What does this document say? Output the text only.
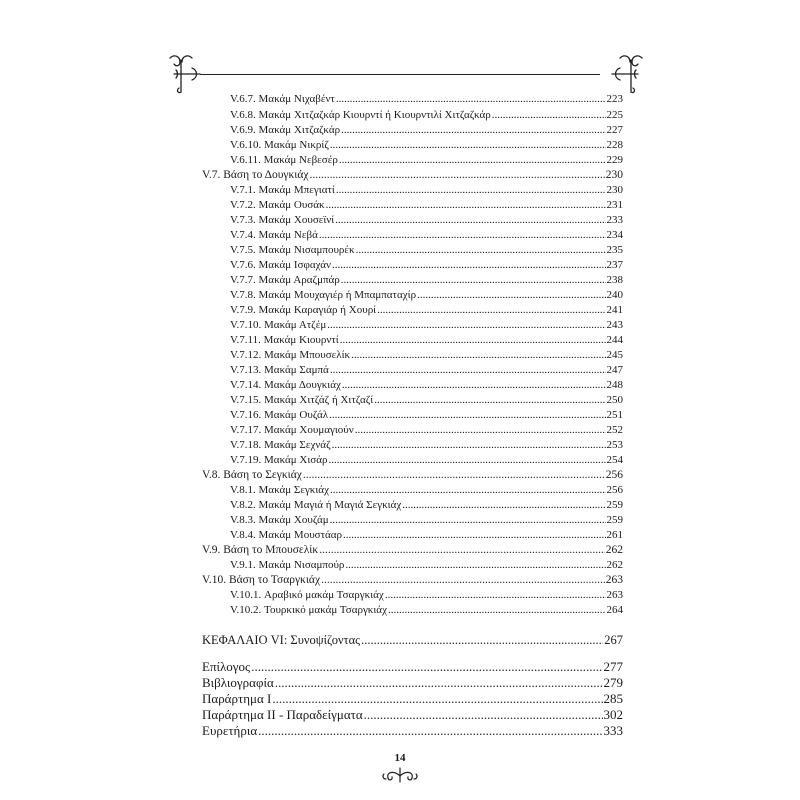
V.6.7. Μακάμ Νιχαβέντ .....	223
V.6.8. Μακάμ Χιτζαζκάρ Κιουρντί ή Κιουρντιλί Χιτζαζκάρ .....	225
V.6.9. Μακάμ Χιτζαζκάρ .....	227
V.6.10. Μακάμ Νικρίζ .....	228
V.6.11. Μακάμ Νεβεσέρ .....	229
V.7. Βάση το Δουγκιάχ .....	230
V.7.1. Μακάμ Μπεγιατί .....	230
V.7.2. Μακάμ Ουσάκ .....	231
V.7.3. Μακάμ Χουσεϊνί .....	233
V.7.4. Μακάμ Νεβά .....	234
V.7.5. Μακάμ Νισαμπουρέκ .....	235
V.7.6. Μακάμ Ισφαχάν .....	237
V.7.7. Μακάμ Αραζμπάρ .....	238
V.7.8. Μακάμ Μουχαγιέρ ή Μπαμπαταχίρ .....	240
V.7.9. Μακάμ Καραγιάρ ή Χουρί .....	241
V.7.10. Μακάμ Ατζέμ .....	243
V.7.11. Μακάμ Κιουρντί .....	244
V.7.12. Μακάμ Μπουσελίκ .....	245
V.7.13. Μακάμ Σαμπά .....	247
V.7.14. Μακάμ Δουγκιάχ .....	248
V.7.15. Μακάμ Χιτζάζ ή Χιτζαζί .....	250
V.7.16. Μακάμ Ουζάλ .....	251
V.7.17. Μακάμ Χουμαγιούν .....	252
V.7.18. Μακάμ Σεχνάζ .....	253
V.7.19. Μακάμ Χισάρ .....	254
V.8. Βάση το Σεγκιάχ .....	256
V.8.1. Μακάμ Σεγκιάχ .....	256
V.8.2. Μακάμ Μαγιά ή Μαγιά Σεγκιάχ .....	259
V.8.3. Μακάμ Χουζάμ .....	259
V.8.4. Μακάμ Μουστάαρ .....	261
V.9. Βάση το Μπουσελίκ .....	262
V.9.1. Μακάμ Νισαμπούρ .....	262
V.10. Βάση το Τσαργκιάχ .....	263
V.10.1. Αραβικό μακάμ Τσαργκιάχ .....	263
V.10.2. Τουρκικό μακάμ Τσαργκιάχ .....	264
ΚΕΦΑΛΑΙΟ VI: Συνοψίζοντας .....	267
Επίλογος .....	277
Βιβλιογραφία .....	279
Παράρτημα Ι .....	285
Παράρτημα ΙΙ - Παραδείγματα .....	302
Ευρετήρια .....	333
14
